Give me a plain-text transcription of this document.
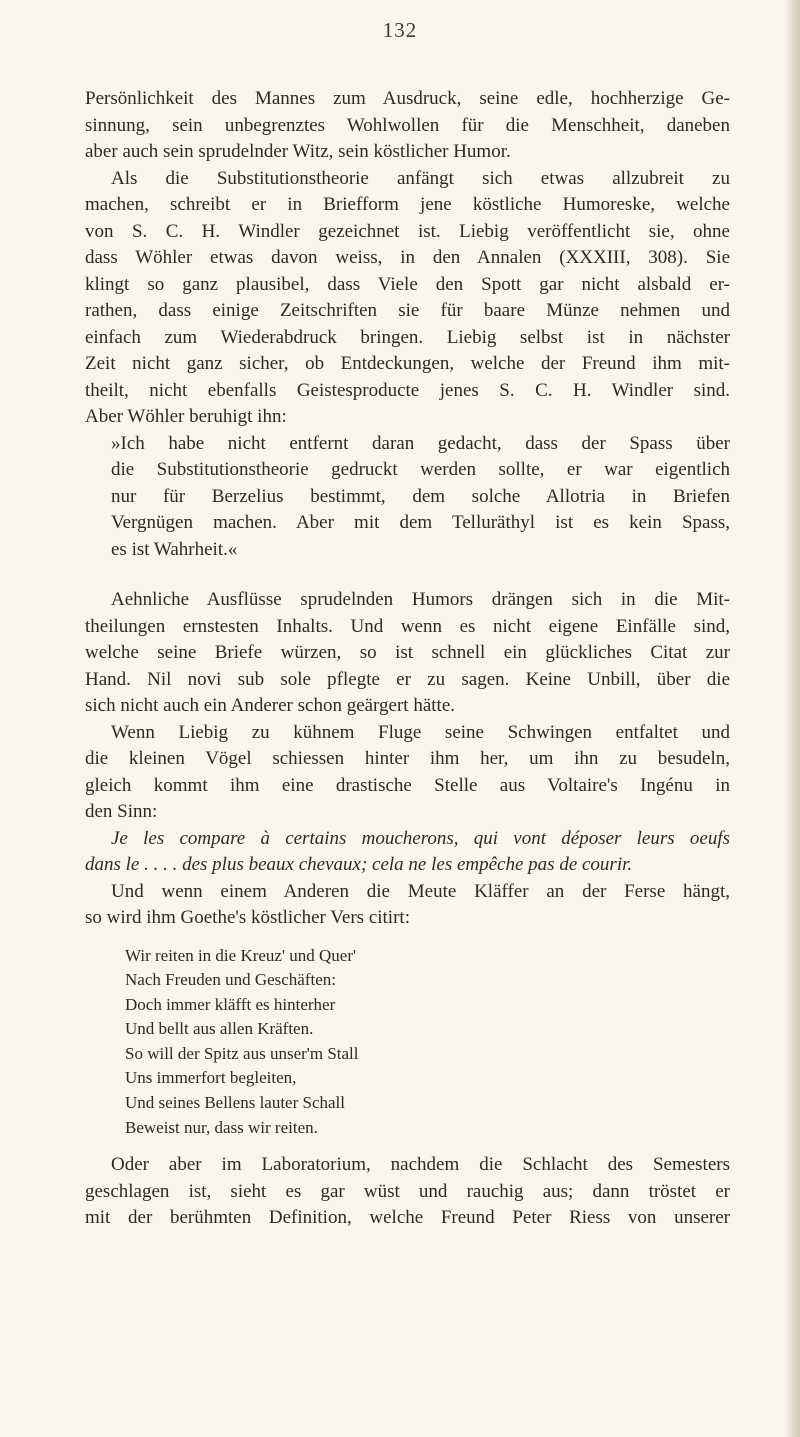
132

Persönlichkeit des Mannes zum Ausdruck, seine edle, hochherzige Ge-
sinnung, sein unbegrenztes Wohlwollen für die Menschheit, daneben
aber auch sein sprudelnder Witz, sein köstlicher Humor.

Als die Substitutionstheorie anfängt sich etwas allzubreit zu
machen, schreibt er in Briefform jene köstliche Humoreske, welche
von S. C. H. Windler gezeichnet ist. Liebig veröffentlicht sie, ohne
dass Wöhler etwas davon weiss, in den Annalen (XXXIII, 308). Sie
klingt so ganz plausibel, dass Viele den Spott gar nicht alsbald er-
rathen, dass einige Zeitschriften sie für baare Münze nehmen und
einfach zum Wiederabdruck bringen. Liebig selbst ist in nächster
Zeit nicht ganz sicher, ob Entdeckungen, welche der Freund ihm mit-
theilt, nicht ebenfalls Geistesproducte jenes S. C. H. Windler sind.
Aber Wöhler beruhigt ihn:

»Ich habe nicht entfernt daran gedacht, dass der Spass über
die Substitutionstheorie gedruckt werden sollte, er war eigentlich
nur für Berzelius bestimmt, dem solche Allotria in Briefen
Vergnügen machen. Aber mit dem Telluräthyl ist es kein Spass,
es ist Wahrheit.«

Aehnliche Ausflüsse sprudelnden Humors drängen sich in die Mit-
theilungen ernstesten Inhalts. Und wenn es nicht eigene Einfälle sind,
welche seine Briefe würzen, so ist schnell ein glückliches Citat zur
Hand. Nil novi sub sole pflegte er zu sagen. Keine Unbill, über die
sich nicht auch ein Anderer schon geärgert hätte.

Wenn Liebig zu kühnem Fluge seine Schwingen entfaltet und
die kleinen Vögel schiessen hinter ihm her, um ihn zu besudeln,
gleich kommt ihm eine drastische Stelle aus Voltaire's Ingénu in
den Sinn:

Je les compare à certains moucherons, qui vont déposer leurs oeufs
dans le . . . . des plus beaux chevaux; cela ne les empêche pas de courir.

Und wenn einem Anderen die Meute Kläffer an der Ferse hängt,
so wird ihm Goethe's köstlicher Vers citirt:

Wir reiten in die Kreuz' und Quer'
Nach Freuden und Geschäften:
Doch immer kläfft es hinterher
Und bellt aus allen Kräften.
So will der Spitz aus unser'm Stall
Uns immerfort begleiten,
Und seines Bellens lauter Schall
Beweist nur, dass wir reiten.

Oder aber im Laboratorium, nachdem die Schlacht des Semesters
geschlagen ist, sieht es gar wüst und rauchig aus; dann tröstet er
mit der berühmten Definition, welche Freund Peter Riess von unserer
